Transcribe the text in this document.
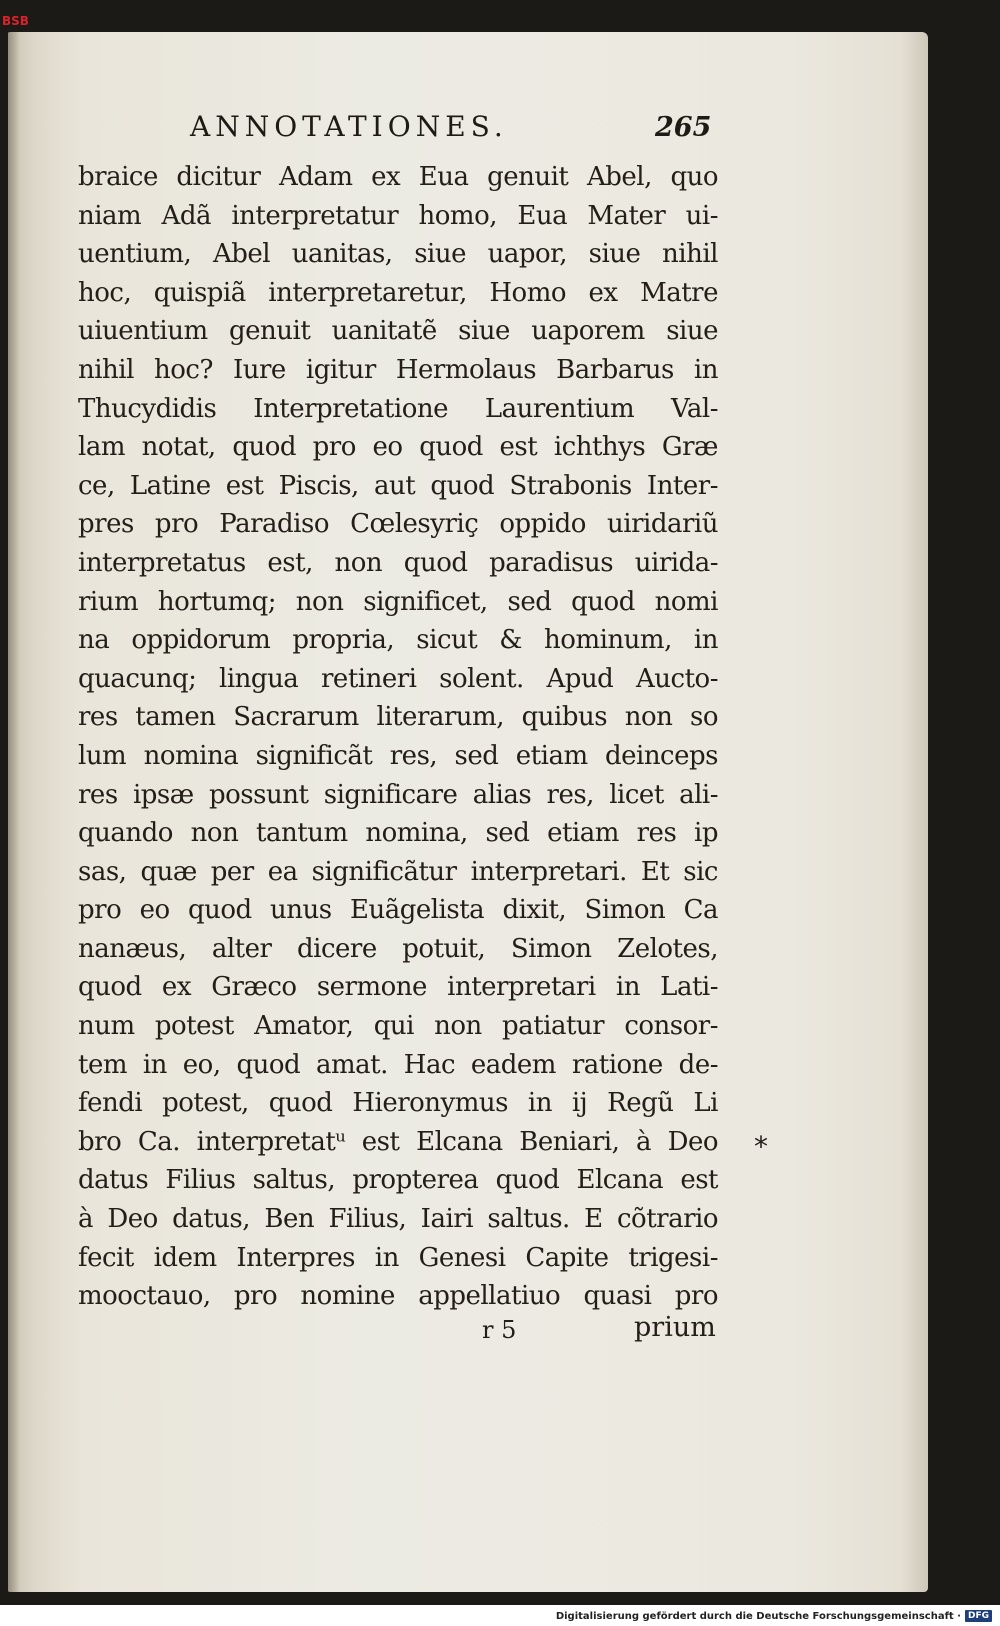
BSB
ANNOTATIONES.	265
braice dicitur Adam ex Eua genuit Abel, quo
niam Adã interpretatur homo, Eua Mater ui-
uentium, Abel uanitas, siue uapor, siue nihil
hoc, quispiã interpretaretur, Homo ex Matre
uiuentium genuit uanitatẽ siue uaporem siue
nihil hoc? Iure igitur Hermolaus Barbarus in
Thucydidis Interpretatione Laurentium Val-
lam notat, quod pro eo quod est ichthys Græ
ce, Latine est Piscis, aut quod Strabonis Inter-
pres pro Paradiso Cœlesyriç oppido uiridariũ
interpretatus est, non quod paradisus uirida-
rium hortumq; non significet, sed quod nomi
na oppidorum propria, sicut & hominum, in
quacunq; lingua retineri solent. Apud Aucto-
res tamen Sacrarum literarum, quibus non so
lum nomina significãt res, sed etiam deinceps
res ipsæ possunt significare alias res, licet ali-
quando non tantum nomina, sed etiam res ip
sas, quæ per ea significãtur interpretari. Et sic
pro eo quod unus Euãgelista dixit, Simon Ca
nanæus, alter dicere potuit, Simon Zelotes,
quod ex Græco sermone interpretari in Lati-
num potest Amator, qui non patiatur consor-
tem in eo, quod amat. Hac eadem ratione de-
fendi potest, quod Hieronymus in ij Regũ Li
bro Ca. interpretatᵘ est Elcana Beniari, à Deo
datus Filius saltus, propterea quod Elcana est
à Deo datus, Ben Filius, Iairi saltus. E cõtrario
fecit idem Interpres in Genesi Capite trigesi-
mooctauo, pro nomine appellatiuo quasi pro
*
r 5	prium
Digitalisierung gefördert durch die Deutsche Forschungsgemeinschaft · DFG
